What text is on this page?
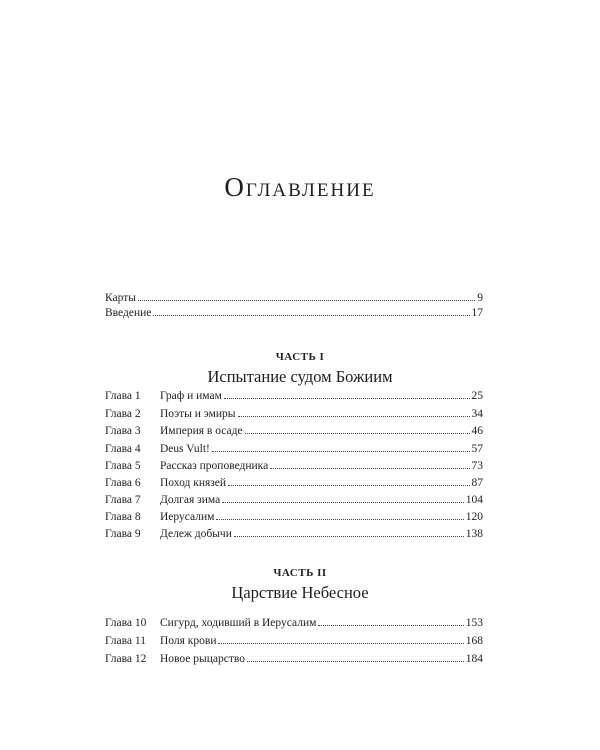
Оглавление
Карты	9
Введение	17
ЧАСТЬ I
Испытание судом Божиим
Глава 1	Граф и имам	25
Глава 2	Поэты и эмиры	34
Глава 3	Империя в осаде	46
Глава 4	Deus Vult!	57
Глава 5	Рассказ проповедника	73
Глава 6	Поход князей	87
Глава 7	Долгая зима	104
Глава 8	Иерусалим	120
Глава 9	Дележ добычи	138
ЧАСТЬ II
Царствие Небесное
Глава 10	Сигурд, ходивший в Иерусалим	153
Глава 11	Поля крови	168
Глава 12	Новое рыцарство	184
